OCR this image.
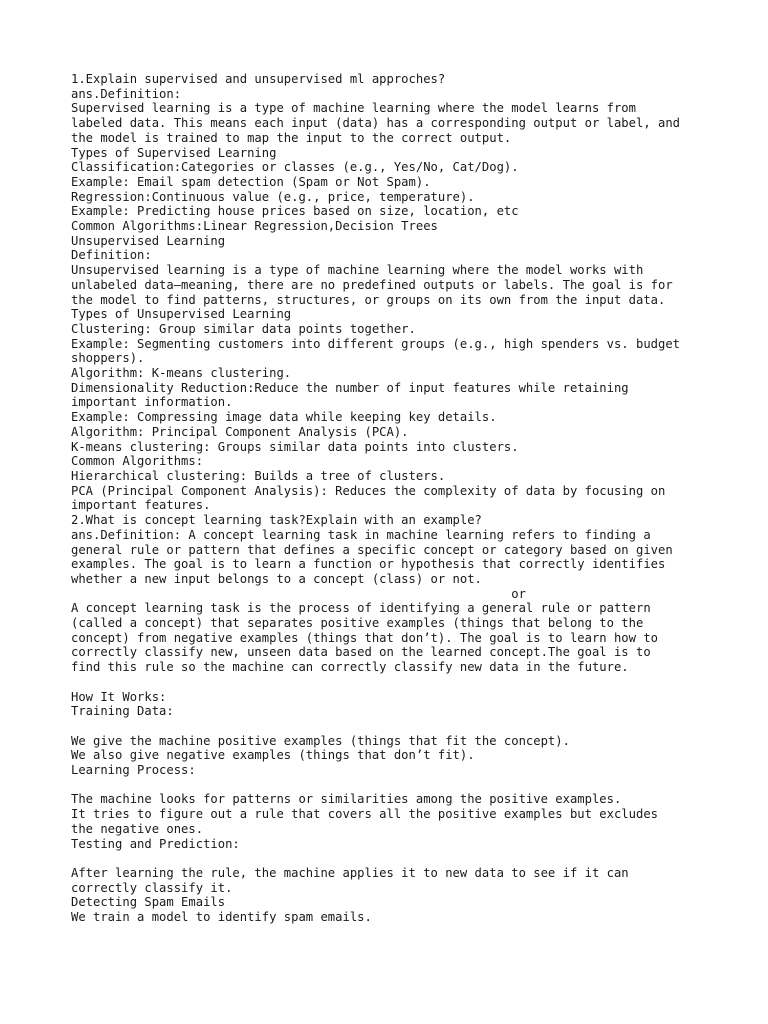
1.Explain supervised and unsupervised ml approches?
ans.Definition:
Supervised learning is a type of machine learning where the model learns from
labeled data. This means each input (data) has a corresponding output or label, and
the model is trained to map the input to the correct output.
Types of Supervised Learning
Classification:Categories or classes (e.g., Yes/No, Cat/Dog).
Example: Email spam detection (Spam or Not Spam).
Regression:Continuous value (e.g., price, temperature).
Example: Predicting house prices based on size, location, etc
Common Algorithms:Linear Regression,Decision Trees
Unsupervised Learning
Definition:
Unsupervised learning is a type of machine learning where the model works with
unlabeled data—meaning, there are no predefined outputs or labels. The goal is for
the model to find patterns, structures, or groups on its own from the input data.
Types of Unsupervised Learning
Clustering: Group similar data points together.
Example: Segmenting customers into different groups (e.g., high spenders vs. budget
shoppers).
Algorithm: K-means clustering.
Dimensionality Reduction:Reduce the number of input features while retaining
important information.
Example: Compressing image data while keeping key details.
Algorithm: Principal Component Analysis (PCA).
K-means clustering: Groups similar data points into clusters.
Common Algorithms:
Hierarchical clustering: Builds a tree of clusters.
PCA (Principal Component Analysis): Reduces the complexity of data by focusing on
important features.
2.What is concept learning task?Explain with an example?
ans.Definition: A concept learning task in machine learning refers to finding a
general rule or pattern that defines a specific concept or category based on given
examples. The goal is to learn a function or hypothesis that correctly identifies
whether a new input belongs to a concept (class) or not.
or
A concept learning task is the process of identifying a general rule or pattern
(called a concept) that separates positive examples (things that belong to the
concept) from negative examples (things that don’t). The goal is to learn how to
correctly classify new, unseen data based on the learned concept.The goal is to
find this rule so the machine can correctly classify new data in the future.
How It Works:
Training Data:
We give the machine positive examples (things that fit the concept).
We also give negative examples (things that don’t fit).
Learning Process:
The machine looks for patterns or similarities among the positive examples.
It tries to figure out a rule that covers all the positive examples but excludes
the negative ones.
Testing and Prediction:
After learning the rule, the machine applies it to new data to see if it can
correctly classify it.
Detecting Spam Emails
We train a model to identify spam emails.
